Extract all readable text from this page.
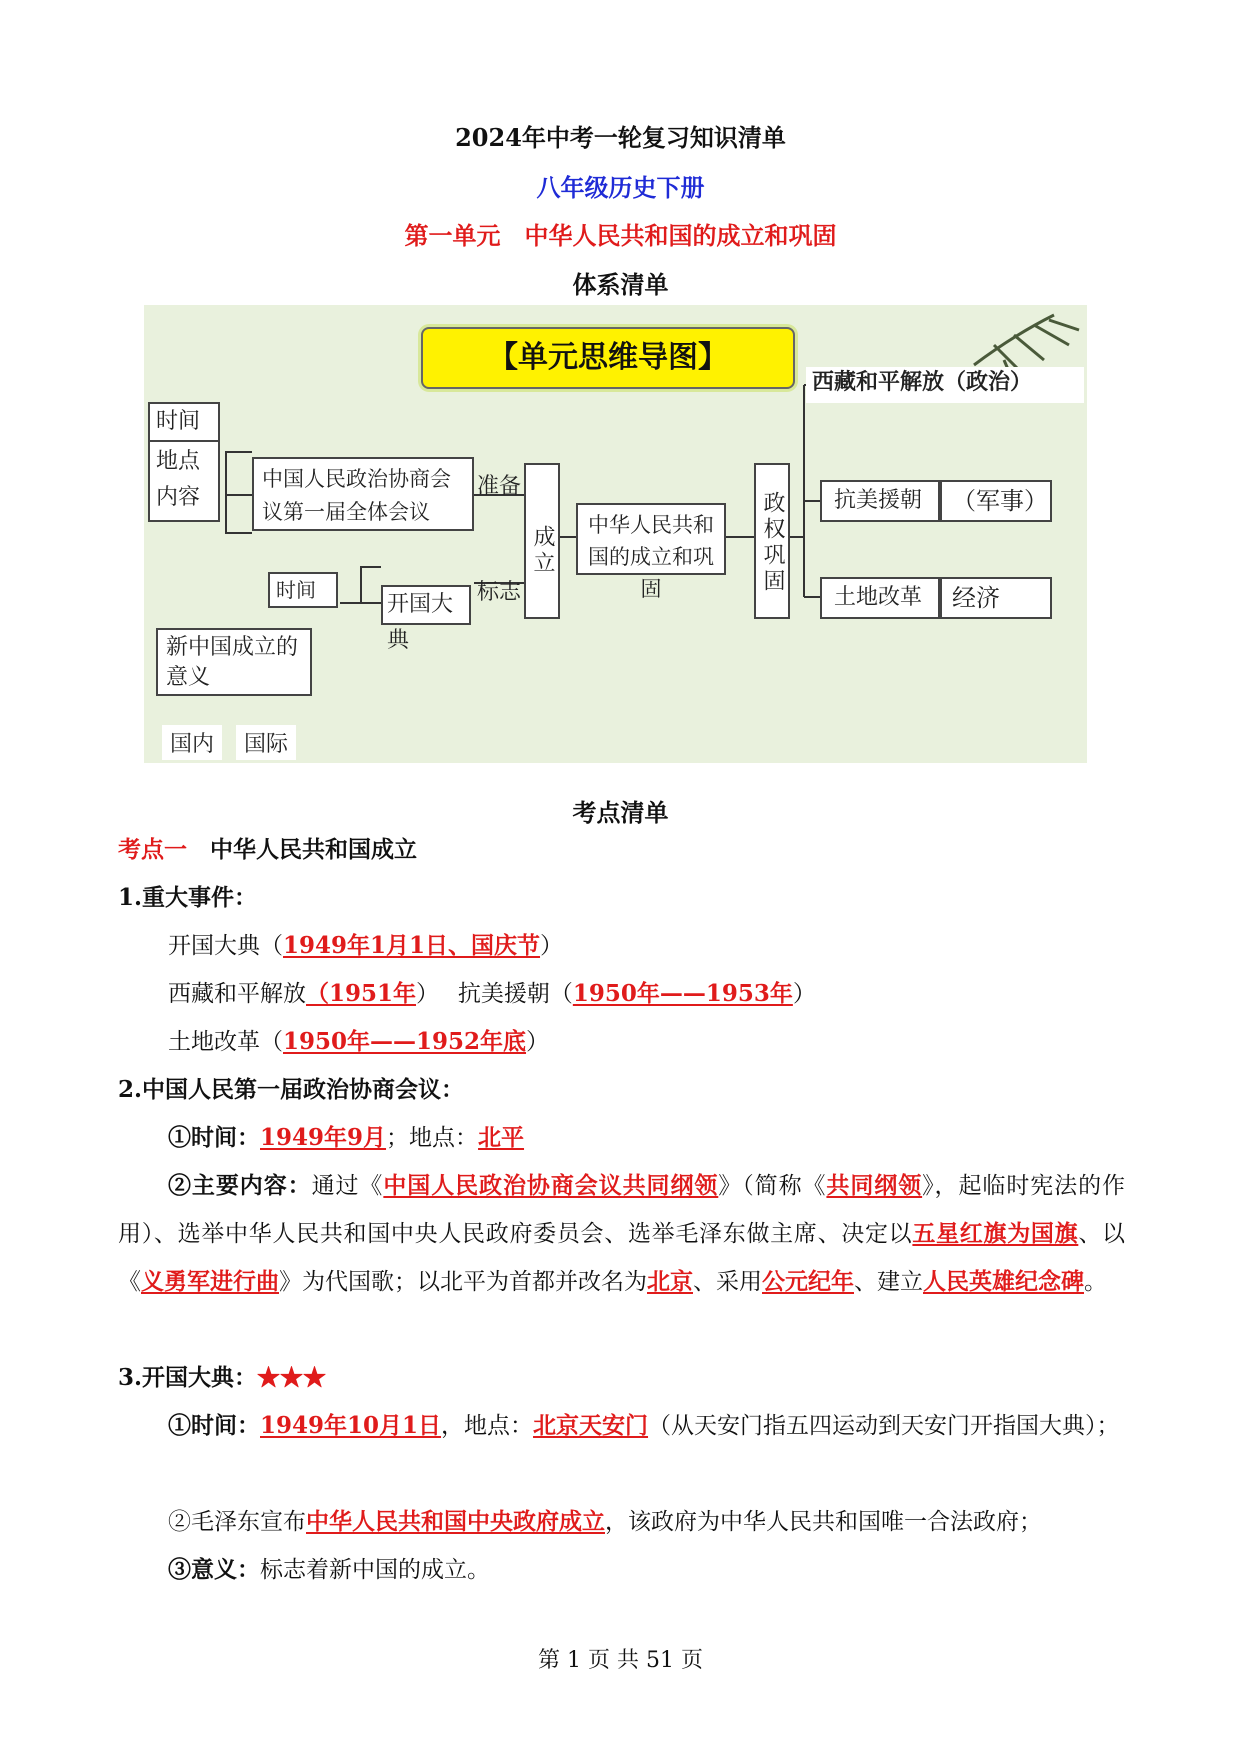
2024年中考一轮复习知识清单
八年级历史下册
第一单元　中华人民共和国的成立和巩固
体系清单
【单元思维导图】
时间
地点
内容
中国人民政治协商会议第一届全体会议
准备
标志
成立	中华人民共和国的成立和巩固	政权巩固
西藏和平解放（政治）
抗美援朝	（军事）
土地改革	经济
时间
开国大典
新中国成立的意义
国内	国际
考点清单
考点一　 中华人民共和国成立
1.重大事件：
开国大典（1949年1月1日、国庆节）
西藏和平解放（1951年）　 抗美援朝（1950年——1953年）
土地改革（1950年——1952年底）
2.中国人民第一届政治协商会议：
①时间：1949年9月；地点：北平
②主要内容：通过《中国人民政治协商会议共同纲领》（简称《共同纲领》，起临时宪法的作用）、选举中华人民共和国中央人民政府委员会、选举毛泽东做主席、决定以五星红旗为国旗、以《义勇军进行曲》为代国歌；以北平为首都并改名为北京、采用公元纪年、建立人民英雄纪念碑。
3.开国大典：★★★
①时间：1949年10月1日，地点：北京天安门（从天安门指五四运动到天安门开指国大典）；
②毛泽东宣布中华人民共和国中央政府成立，该政府为中华人民共和国唯一合法政府；
③意义：标志着新中国的成立。
第 1 页 共 51 页
